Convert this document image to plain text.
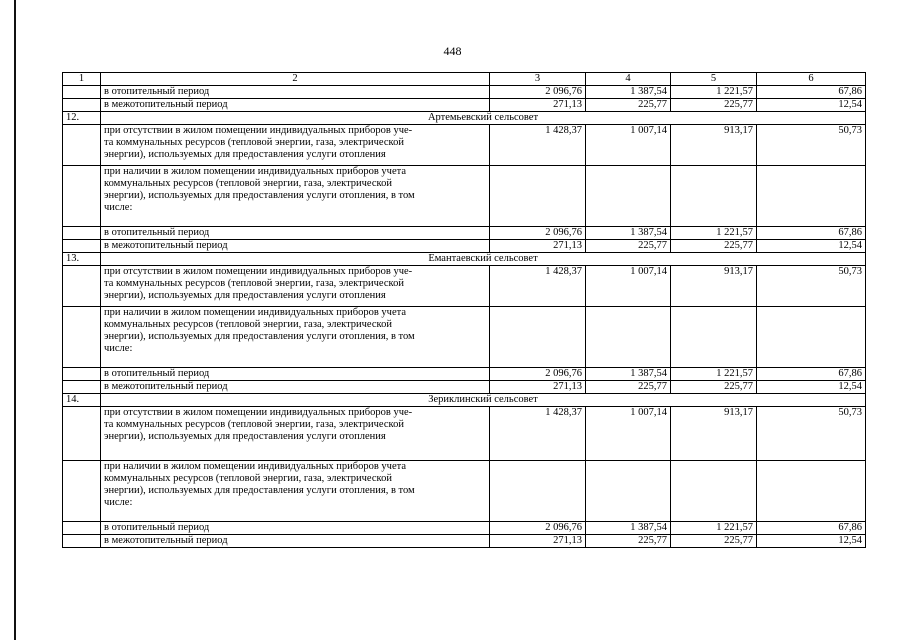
448
1	2	3	4	5	6
	в отопительный период	2 096,76	1 387,54	1 221,57	67,86
	в межотопительный период	271,13	225,77	225,77	12,54
12.	Артемьевский сельсовет				

	при отсутствии в жилом помещении индивидуальных приборов уче-
та коммунальных ресурсов (тепловой энергии, газа, электрической
энергии), используемых для предоставления услуги отопления	1 428,37	1 007,14	913,17	50,73

	при наличии в жилом помещении индивидуальных приборов учета
коммунальных ресурсов (тепловой энергии, газа, электрической
энергии), используемых для предоставления услуги отопления, в том
числе:				

	в отопительный период	2 096,76	1 387,54	1 221,57	67,86
	в межотопительный период	271,13	225,77	225,77	12,54
13.	Емантаевский сельсовет				

	при отсутствии в жилом помещении индивидуальных приборов уче-
та коммунальных ресурсов (тепловой энергии, газа, электрической
энергии), используемых для предоставления услуги отопления	1 428,37	1 007,14	913,17	50,73

	при наличии в жилом помещении индивидуальных приборов учета
коммунальных ресурсов (тепловой энергии, газа, электрической
энергии), используемых для предоставления услуги отопления, в том
числе:				

	в отопительный период	2 096,76	1 387,54	1 221,57	67,86
	в межотопительный период	271,13	225,77	225,77	12,54
14.	Зериклинский сельсовет				

	при отсутствии в жилом помещении индивидуальных приборов уче-
та коммунальных ресурсов (тепловой энергии, газа, электрической
энергии), используемых для предоставления услуги отопления	1 428,37	1 007,14	913,17	50,73

	при наличии в жилом помещении индивидуальных приборов учета
коммунальных ресурсов (тепловой энергии, газа, электрической
энергии), используемых для предоставления услуги отопления, в том
числе:				

	в отопительный период	2 096,76	1 387,54	1 221,57	67,86
	в межотопительный период	271,13	225,77	225,77	12,54
